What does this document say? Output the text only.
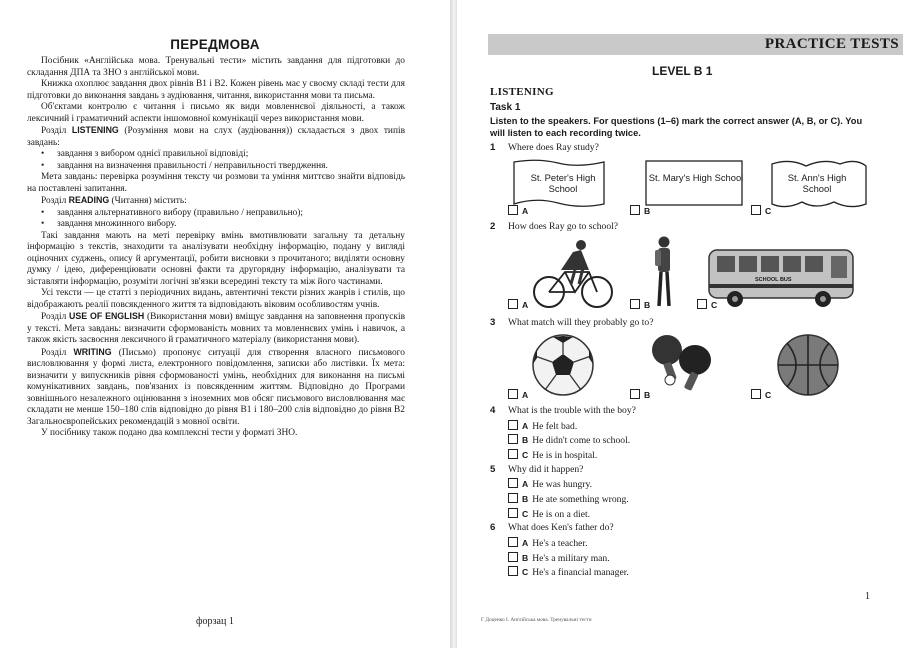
ПЕРЕДМОВА

Посібник «Англійська мова. Тренувальні тести» містить завдання для підготовки до складання ДПА та ЗНО з англійської мови.

Книжка охоплює завдання двох рівнів B1 і B2. Кожен рівень має у своєму складі тести для підготовки до виконання завдань з аудіювання, читання, використання мови та письма.

Об'єктами контролю є читання і письмо як види мовленнєвої діяльності, а також лексичний і граматичний аспекти іншомовної комунікації через використання мови.

Розділ LISTENING (Розуміння мови на слух (аудіювання)) складається з двох типів завдань:

• завдання з вибором однієї правильної відповіді;
• завдання на визначення правильності / неправильності твердження.

Мета завдань: перевірка розуміння тексту чи розмови та уміння миттєво знайти відповідь на поставлені запитання.

Розділ READING (Читання) містить:

• завдання альтернативного вибору (правильно / неправильно);
• завдання множинного вибору.

Такі завдання мають на меті перевірку вмінь вмотивлювати загальну та детальну інформацію з текстів, знаходити та аналізувати необхідну інформацію, подану у вигляді оціночних суджень, опису й аргументації, робити висновки з прочитаного; виділяти основну думку / ідею, диференціювати основні факти та другорядну інформацію, аналізувати та зіставляти інформацію, розуміти логічні зв'язки всередині тексту та між його частинами.

Усі тексти — це статті з періодичних видань, автентичні тексти різних жанрів і стилів, що відображають реалії повсякденного життя та відповідають віковим особливостям учнів.

Розділ USE OF ENGLISH (Використання мови) вміщує завдання на заповнення пропусків у тексті. Мета завдань: визначити сформованість мовних та мовленнєвих умінь і навичок, а також якість засвоєння лексичного й граматичного матеріалу (використання мови).

Розділ WRITING (Письмо) пропонує ситуації для створення власного письмового висловлювання у формі листа, електронного повідомлення, записки або листівки. Їх мета: визначити у випускників рівня сформованості умінь, необхідних для виконання на письмі комунікативних завдань, пов'язаних із повсякденним життям. Відповідно до Програми зовнішнього незалежного оцінювання з іноземних мов обсяг письмового висловлювання має складати не менше 150–180 слів відповідно до рівня B1 і 180–200 слів відповідно до рівня B2 Загальноєвропейських рекомендацій з мовної освіти.

У посібнику також подано два комплексні тести у форматі ЗНО.

форзац 1
PRACTICE TESTS
LEVEL B 1
LISTENING
Task 1
Listen to the speakers. For questions (1–6) mark the correct answer (A, B, or C). You will listen to each recording twice.
1 Where does Ray study?
St. Peter's High School
St. Mary's High School	St. Ann's High School
A	B	C
2 How does Ray go to school?
SCHOOL BUS
A	B	C
3 What match will they probably go to?
A	B	C
4 What is the trouble with the boy?
A He felt bad.
B He didn't come to school.
C He is in hospital.
5 Why did it happen?
A He was hungry.
B He ate something wrong.
C He is on a diet.
6 What does Ken's father do?
A He's a teacher.
B He's a military man.
C He's a financial manager.
1
Г Доценко І. Англійська мова. Тренувальні тести
